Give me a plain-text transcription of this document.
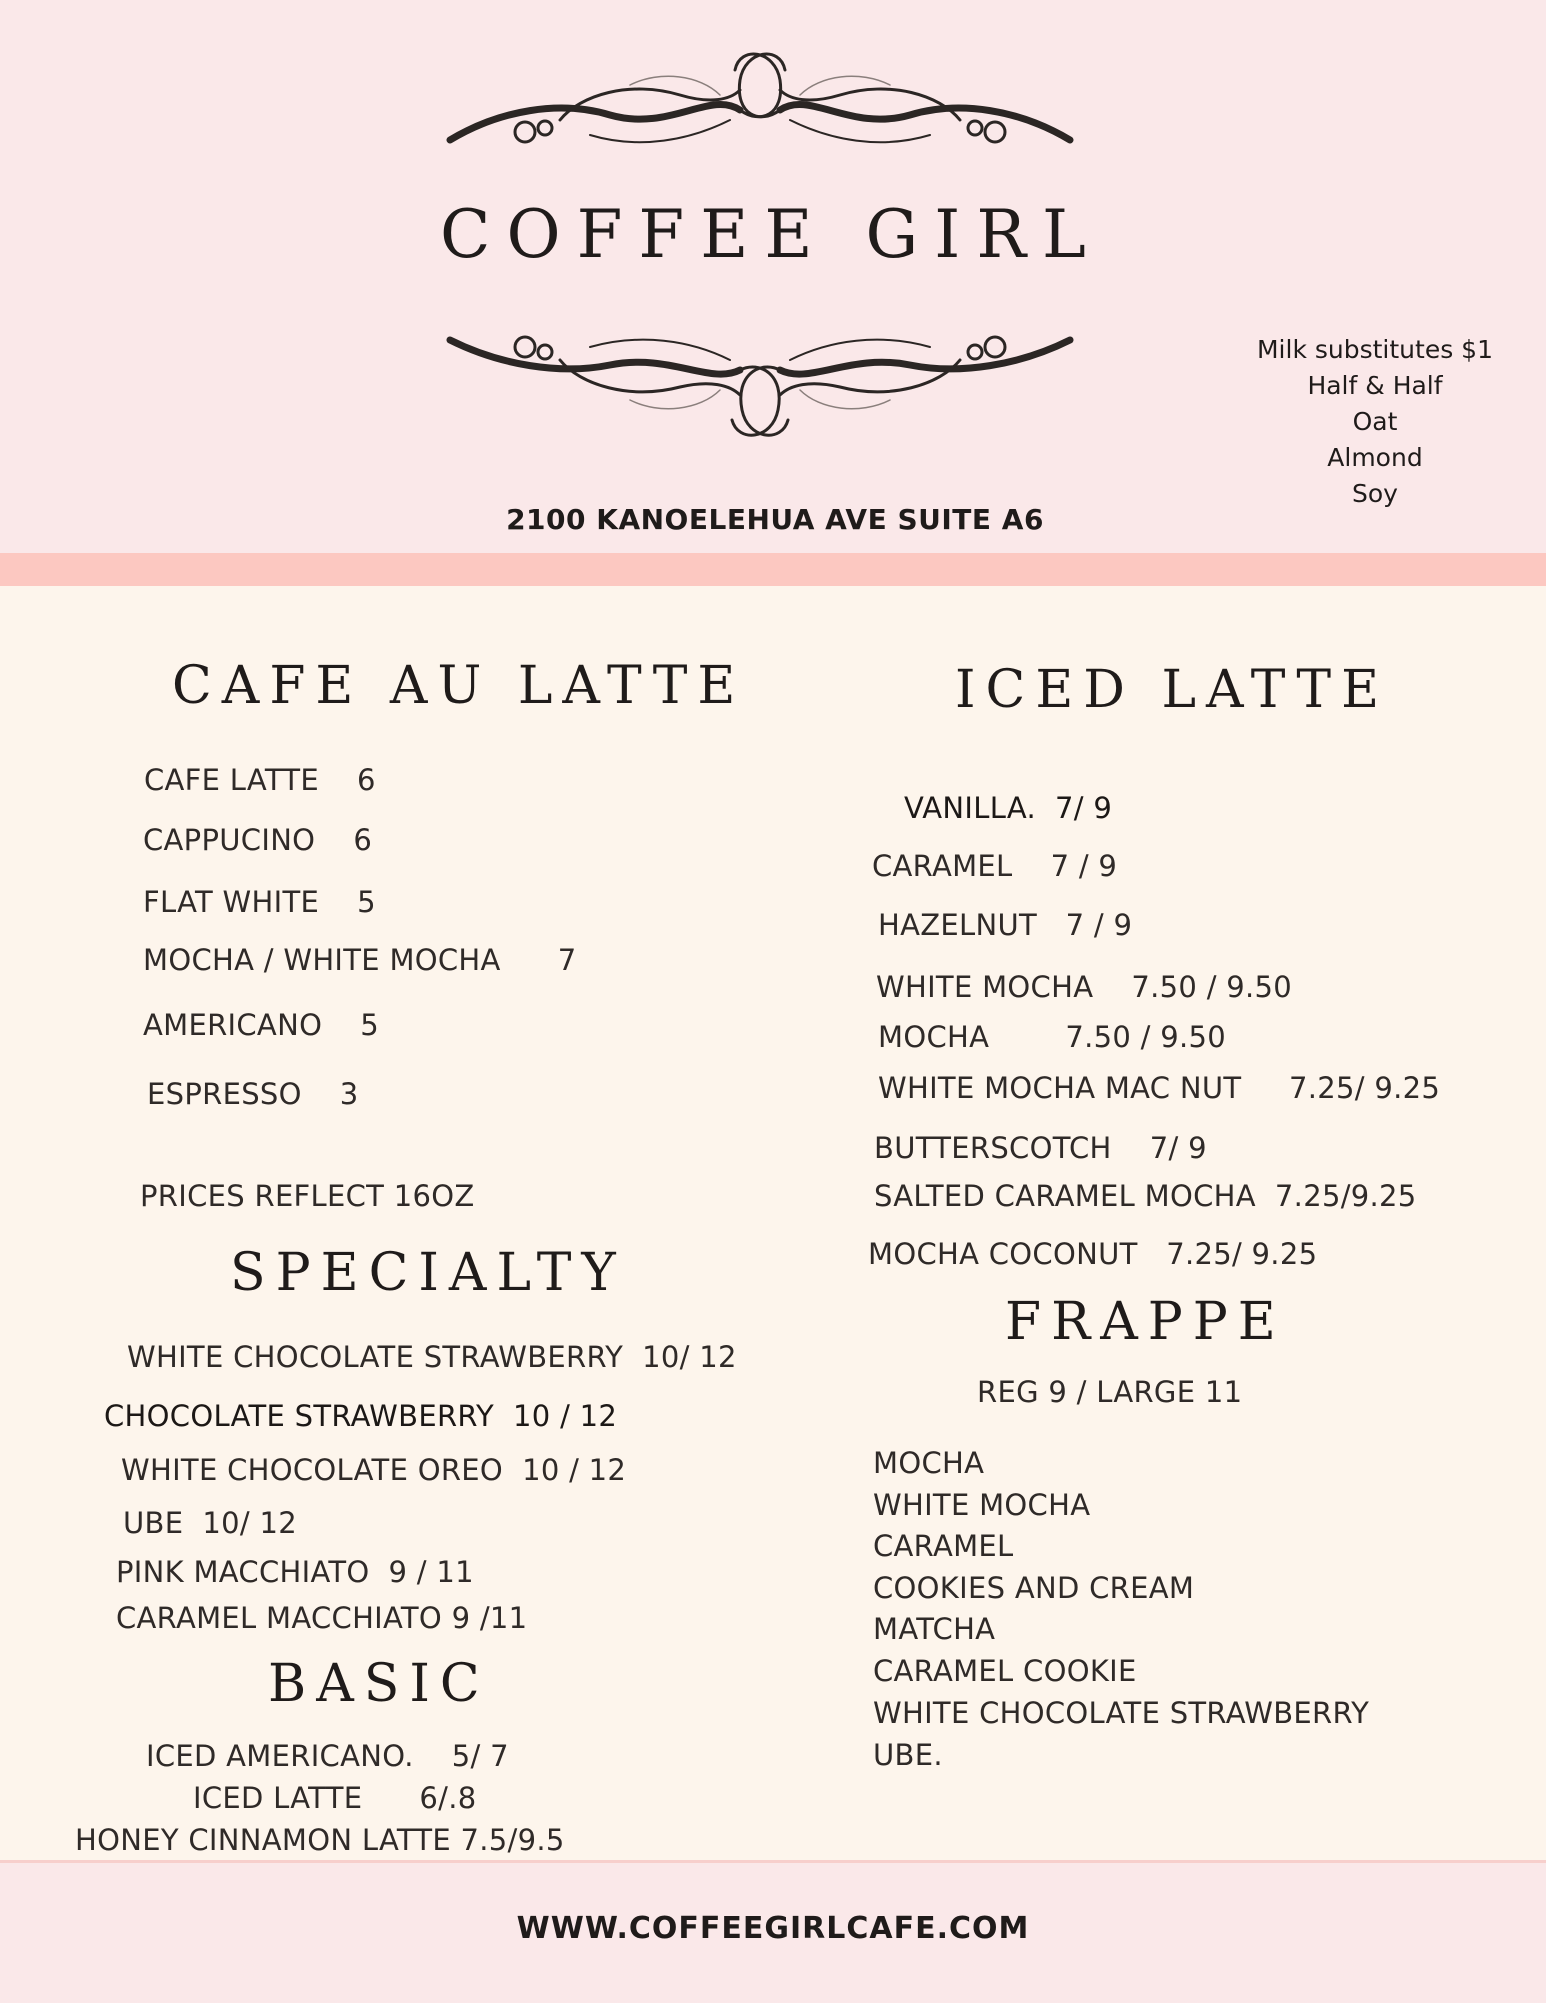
COFFEE GIRL
2100 KANOELEHUA AVE SUITE A6
Milk substitutes $1
Half & Half
Oat
Almond
Soy
CAFE AU LATTE
CAFE LATTE    6
CAPPUCINO    6
FLAT WHITE    5
MOCHA / WHITE MOCHA      7
AMERICANO    5
ESPRESSO    3
PRICES REFLECT 16OZ
SPECIALTY
WHITE CHOCOLATE STRAWBERRY  10/ 12
CHOCOLATE STRAWBERRY  10 / 12
WHITE CHOCOLATE OREO  10 / 12
UBE  10/ 12
PINK MACCHIATO  9 / 11
CARAMEL MACCHIATO 9 /11
BASIC
ICED AMERICANO.    5/ 7
ICED LATTE      6/.8
HONEY CINNAMON LATTE 7.5/9.5
ICED LATTE
VANILLA.  7/ 9
CARAMEL    7 / 9
HAZELNUT   7 / 9
WHITE MOCHA    7.50 / 9.50
MOCHA        7.50 / 9.50
WHITE MOCHA MAC NUT     7.25/ 9.25
BUTTERSCOTCH    7/ 9
SALTED CARAMEL MOCHA  7.25/9.25
MOCHA COCONUT   7.25/ 9.25
FRAPPE
REG 9 / LARGE 11
MOCHA
WHITE MOCHA
CARAMEL
COOKIES AND CREAM
MATCHA
CARAMEL COOKIE
WHITE CHOCOLATE STRAWBERRY
UBE.
WWW.COFFEEGIRLCAFE.COM
